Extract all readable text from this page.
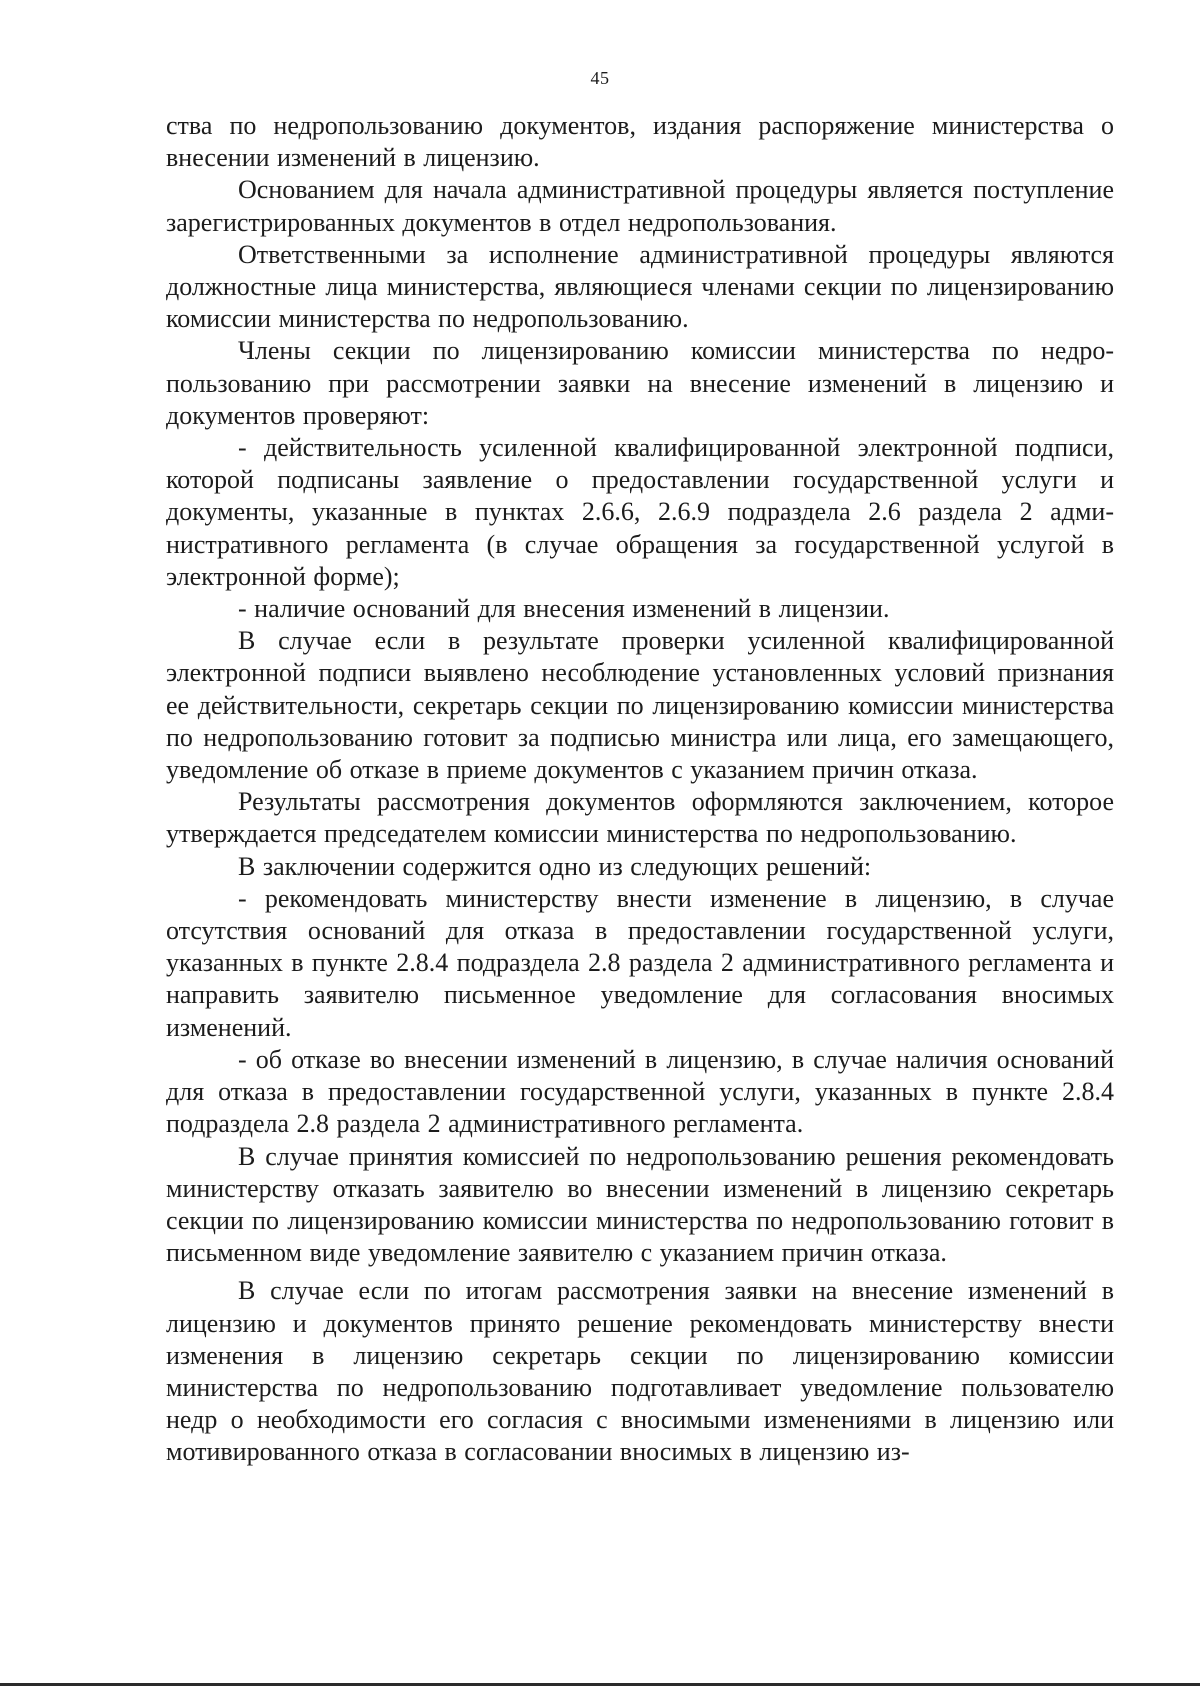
45

ства по недропользованию документов, издания распоряжение министерства о внесении изменений в лицензию.

Основанием для начала административной процедуры является поступление зарегистрированных документов в отдел недропользования.

Ответственными за исполнение административной процедуры являются должностные лица министерства, являющиеся членами секции по лицензированию комиссии министерства по недропользованию.

Члены секции по лицензированию комиссии министерства по недропользованию при рассмотрении заявки на внесение изменений в лицензию и документов проверяют:

- действительность усиленной квалифицированной электронной подписи, которой подписаны заявление о предоставлении государственной услуги и документы, указанные в пунктах 2.6.6, 2.6.9 подраздела 2.6 раздела 2 административного регламента (в случае обращения за государственной услугой в электронной форме);

- наличие оснований для внесения изменений в лицензии.

В случае если в результате проверки усиленной квалифицированной электронной подписи выявлено несоблюдение установленных условий признания ее действительности, секретарь секции по лицензированию комиссии министерства по недропользованию готовит за подписью министра или лица, его замещающего, уведомление об отказе в приеме документов с указанием причин отказа.

Результаты рассмотрения документов оформляются заключением, которое утверждается председателем комиссии министерства по недропользованию.

В заключении содержится одно из следующих решений:

- рекомендовать министерству внести изменение в лицензию, в случае отсутствия оснований для отказа в предоставлении государственной услуги, указанных в пункте 2.8.4 подраздела 2.8 раздела 2 административного регламента и направить заявителю письменное уведомление для согласования вносимых изменений.

- об отказе во внесении изменений в лицензию, в случае наличия оснований для отказа в предоставлении государственной услуги, указанных в пункте 2.8.4 подраздела 2.8 раздела 2 административного регламента.

В случае принятия комиссией по недропользованию решения рекомендовать министерству отказать заявителю во внесении изменений в лицензию секретарь секции по лицензированию комиссии министерства по недропользованию готовит в письменном виде уведомление заявителю с указанием причин отказа.

В случае если по итогам рассмотрения заявки на внесение изменений в лицензию и документов принято решение рекомендовать министерству внести изменения в лицензию секретарь секции по лицензированию комиссии министерства по недропользованию подготавливает уведомление пользователю недр о необходимости его согласия с вносимыми изменениями в лицензию или мотивированного отказа в согласовании вносимых в лицензию из-
